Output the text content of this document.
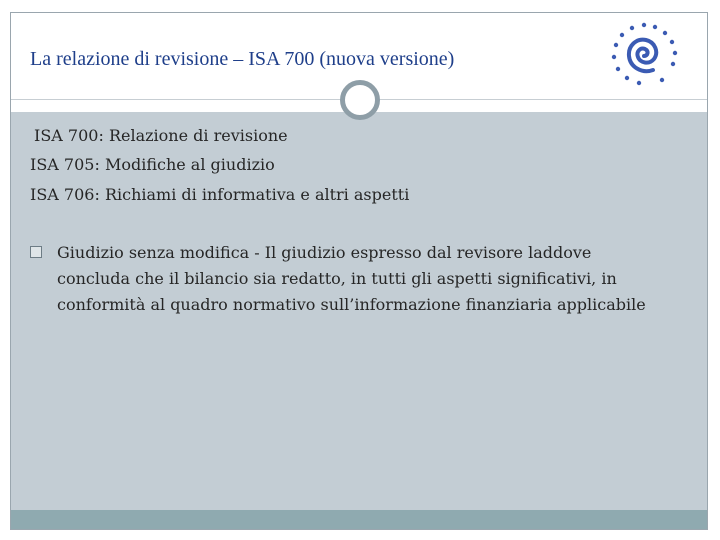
La relazione di revisione – ISA 700 (nuova versione)
ISA 700: Relazione di revisione
ISA 705: Modifiche al giudizio
ISA 706: Richiami di informativa e altri aspetti
Giudizio senza modifica - Il giudizio espresso dal revisore laddove concluda che il bilancio sia redatto, in tutti gli aspetti significativi, in conformità al quadro normativo sull’informazione finanziaria applicabile
